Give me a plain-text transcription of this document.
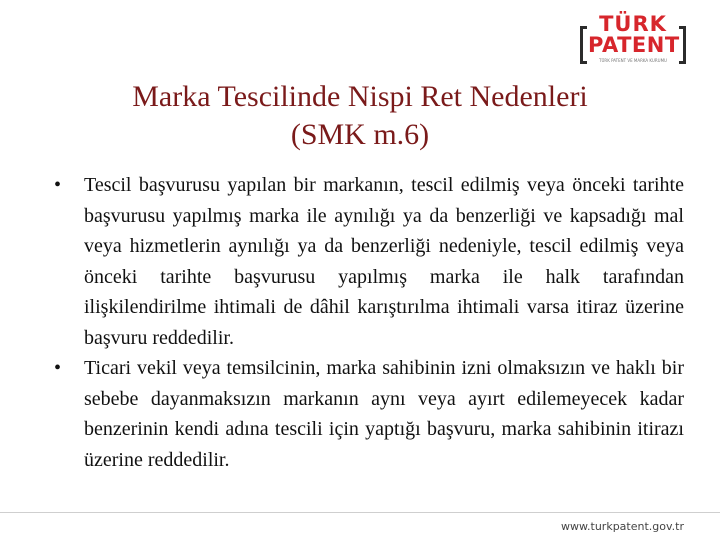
TÜRK
PATENT
TÜRK PATENT VE MARKA KURUMU
Marka Tescilinde Nispi Ret Nedenleri
(SMK m.6)
• Tescil başvurusu yapılan bir markanın, tescil edilmiş veya önceki tarihte başvurusu yapılmış marka ile aynılığı ya da benzerliği ve kapsadığı mal veya hizmetlerin aynılığı ya da benzerliği nedeniyle, tescil edilmiş veya önceki tarihte başvurusu yapılmış marka ile halk tarafından ilişkilendirilme ihtimali de dâhil karıştırılma ihtimali varsa itiraz üzerine başvuru reddedilir.
• Ticari vekil veya temsilcinin, marka sahibinin izni olmaksızın ve haklı bir sebebe dayanmaksızın markanın aynı veya ayırt edilemeyecek kadar benzerinin kendi adına tescili için yaptığı başvuru, marka sahibinin itirazı üzerine reddedilir.
www.turkpatent.gov.tr
